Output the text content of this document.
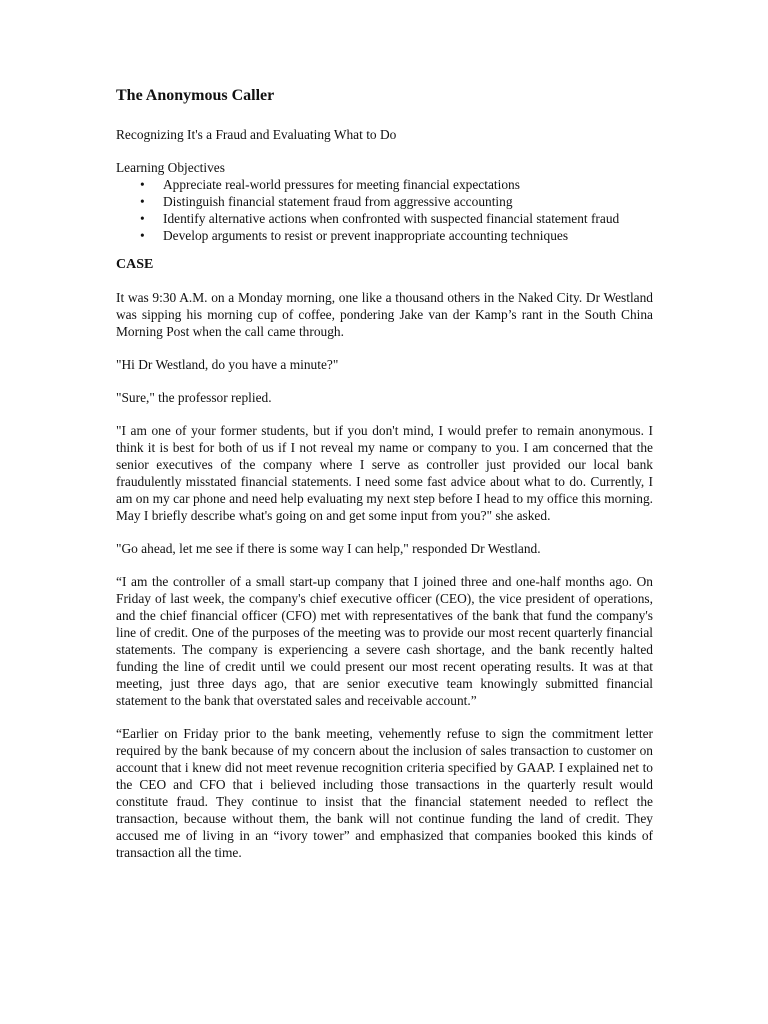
The Anonymous Caller
Recognizing It's a Fraud and Evaluating What to Do
Learning Objectives
• Appreciate real-world pressures for meeting financial expectations
• Distinguish financial statement fraud from aggressive accounting
• Identify alternative actions when confronted with suspected financial statement fraud
• Develop arguments to resist or prevent inappropriate accounting techniques
CASE

It was 9:30 A.M. on a Monday morning, one like a thousand others in the Naked City. Dr Westland was sipping his morning cup of coffee, pondering Jake van der Kamp’s rant in the South China Morning Post when the call came through.

"Hi Dr Westland, do you have a minute?"

"Sure," the professor replied.

"I am one of your former students, but if you don't mind, I would prefer to remain anonymous. I think it is best for both of us if I not reveal my name or company to you. I am concerned that the senior executives of the company where I serve as controller just provided our local bank fraudulently misstated financial statements. I need some fast advice about what to do. Currently, I am on my car phone and need help evaluating my next step before I head to my office this morning. May I briefly describe what's going on and get some input from you?" she asked.

"Go ahead, let me see if there is some way I can help," responded Dr Westland.

“I am the controller of a small start-up company that I joined three and one-half months ago. On Friday of last week, the company's chief executive officer (CEO), the vice president of operations, and the chief financial officer (CFO) met with representatives of the bank that fund the company's line of credit. One of the purposes of the meeting was to provide our most recent quarterly financial statements. The company is experiencing a severe cash shortage, and the bank recently halted funding the line of credit until we could present our most recent operating results. It was at that meeting, just three days ago, that are senior executive team knowingly submitted financial statement to the bank that overstated sales and receivable account.”

“Earlier on Friday prior to the bank meeting, vehemently refuse to sign the commitment letter required by the bank because of my concern about the inclusion of sales transaction to customer on account that i knew did not meet revenue recognition criteria specified by GAAP. I explained net to the CEO and CFO that i believed including those transactions in the quarterly result would constitute fraud. They continue to insist that the financial statement needed to reflect the transaction, because without them, the bank will not continue funding the land of credit. They accused me of living in an “ivory tower” and emphasized that companies booked this kinds of transaction all the time.
